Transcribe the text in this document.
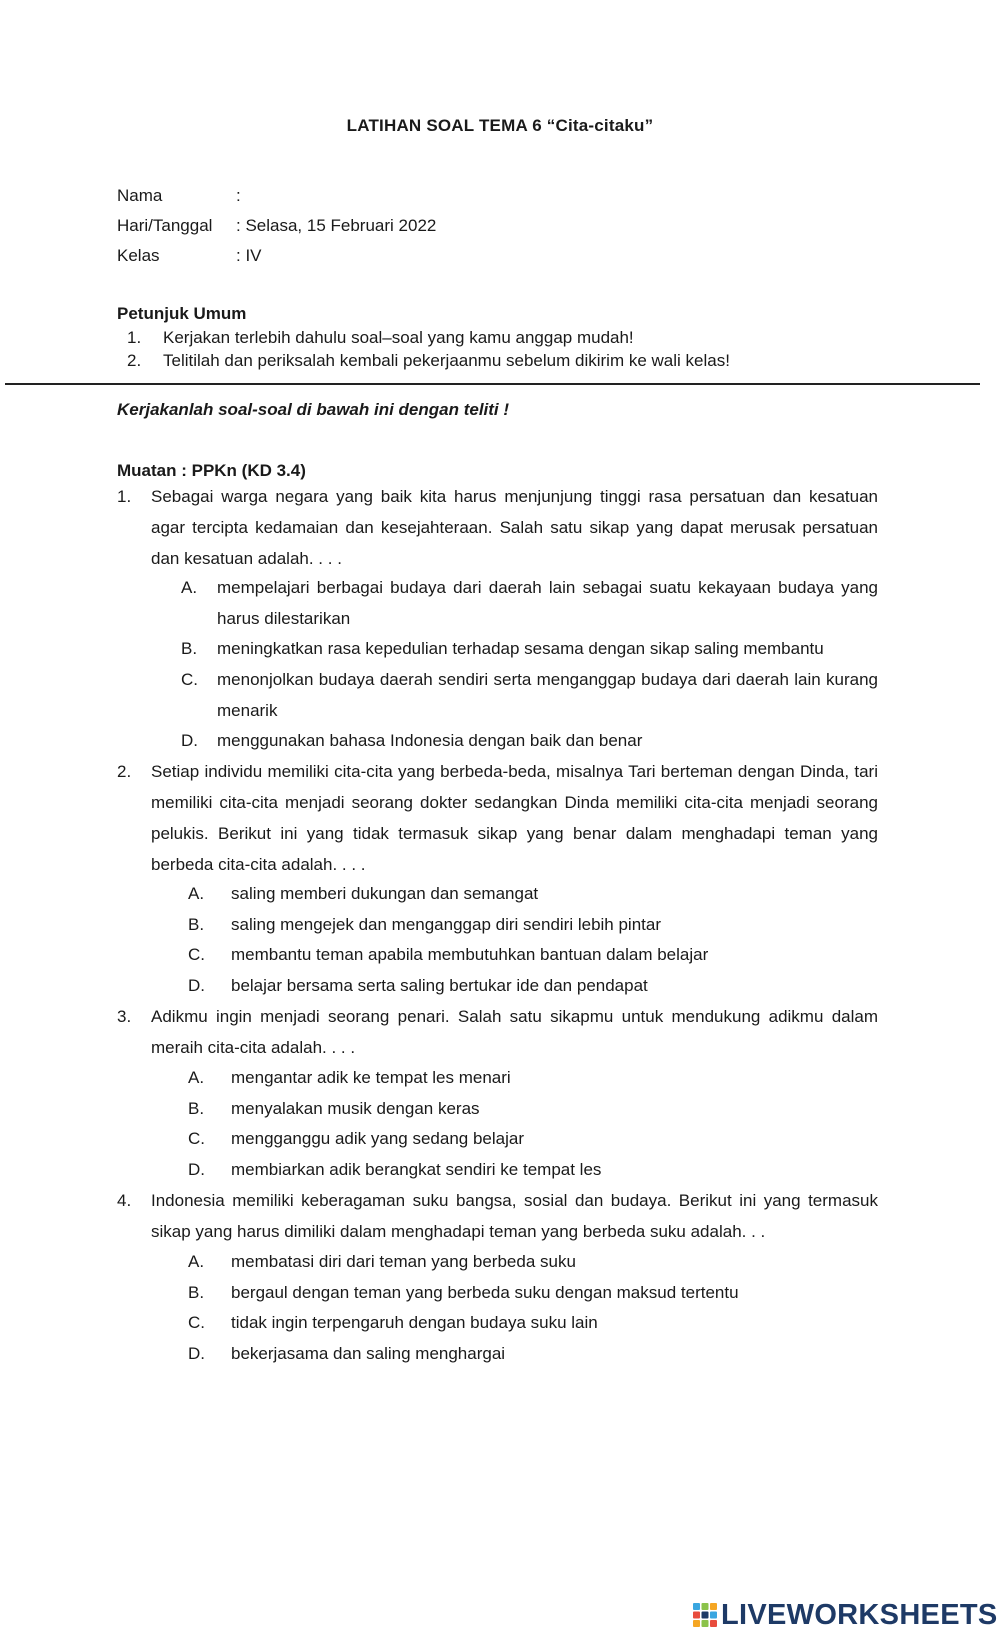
LATIHAN SOAL TEMA 6 “Cita-citaku”
Nama	:
Hari/Tanggal : Selasa, 15 Februari 2022
Kelas	: IV
Petunjuk Umum
1. Kerjakan terlebih dahulu soal–soal yang kamu anggap mudah!
2. Telitilah dan periksalah kembali pekerjaanmu sebelum dikirim ke wali kelas!
Kerjakanlah soal-soal di bawah ini dengan teliti !
Muatan : PPKn (KD 3.4)
1. Sebagai warga negara yang baik kita harus menjunjung tinggi rasa persatuan dan kesatuan agar tercipta kedamaian dan kesejahteraan. Salah satu sikap yang dapat merusak persatuan dan kesatuan adalah. . . .
A. mempelajari berbagai budaya dari daerah lain sebagai suatu kekayaan budaya yang harus dilestarikan
B. meningkatkan rasa kepedulian terhadap sesama dengan sikap saling membantu
C. menonjolkan budaya daerah sendiri serta menganggap budaya dari daerah lain kurang menarik
D. menggunakan bahasa Indonesia dengan baik dan benar
2. Setiap individu memiliki cita-cita yang berbeda-beda, misalnya Tari berteman dengan Dinda, tari memiliki cita-cita menjadi seorang dokter sedangkan Dinda memiliki cita-cita menjadi seorang pelukis. Berikut ini yang tidak termasuk sikap yang benar dalam menghadapi teman yang berbeda cita-cita adalah. . . .
A. saling memberi dukungan dan semangat
B. saling mengejek dan menganggap diri sendiri lebih pintar
C. membantu teman apabila membutuhkan bantuan dalam belajar
D. belajar bersama serta saling bertukar ide dan pendapat
3. Adikmu ingin menjadi seorang penari. Salah satu sikapmu untuk mendukung adikmu dalam meraih cita-cita adalah. . . .
A. mengantar adik ke tempat les menari
B. menyalakan musik dengan keras
C. mengganggu adik yang sedang belajar
D. membiarkan adik berangkat sendiri ke tempat les
4. Indonesia memiliki keberagaman suku bangsa, sosial dan budaya. Berikut ini yang termasuk sikap yang harus dimiliki dalam menghadapi teman yang berbeda suku adalah. . .
A. membatasi diri dari teman yang berbeda suku
B. bergaul dengan teman yang berbeda suku dengan maksud tertentu
C. tidak ingin terpengaruh dengan budaya suku lain
D. bekerjasama dan saling menghargai
LIVEWORKSHEETS
